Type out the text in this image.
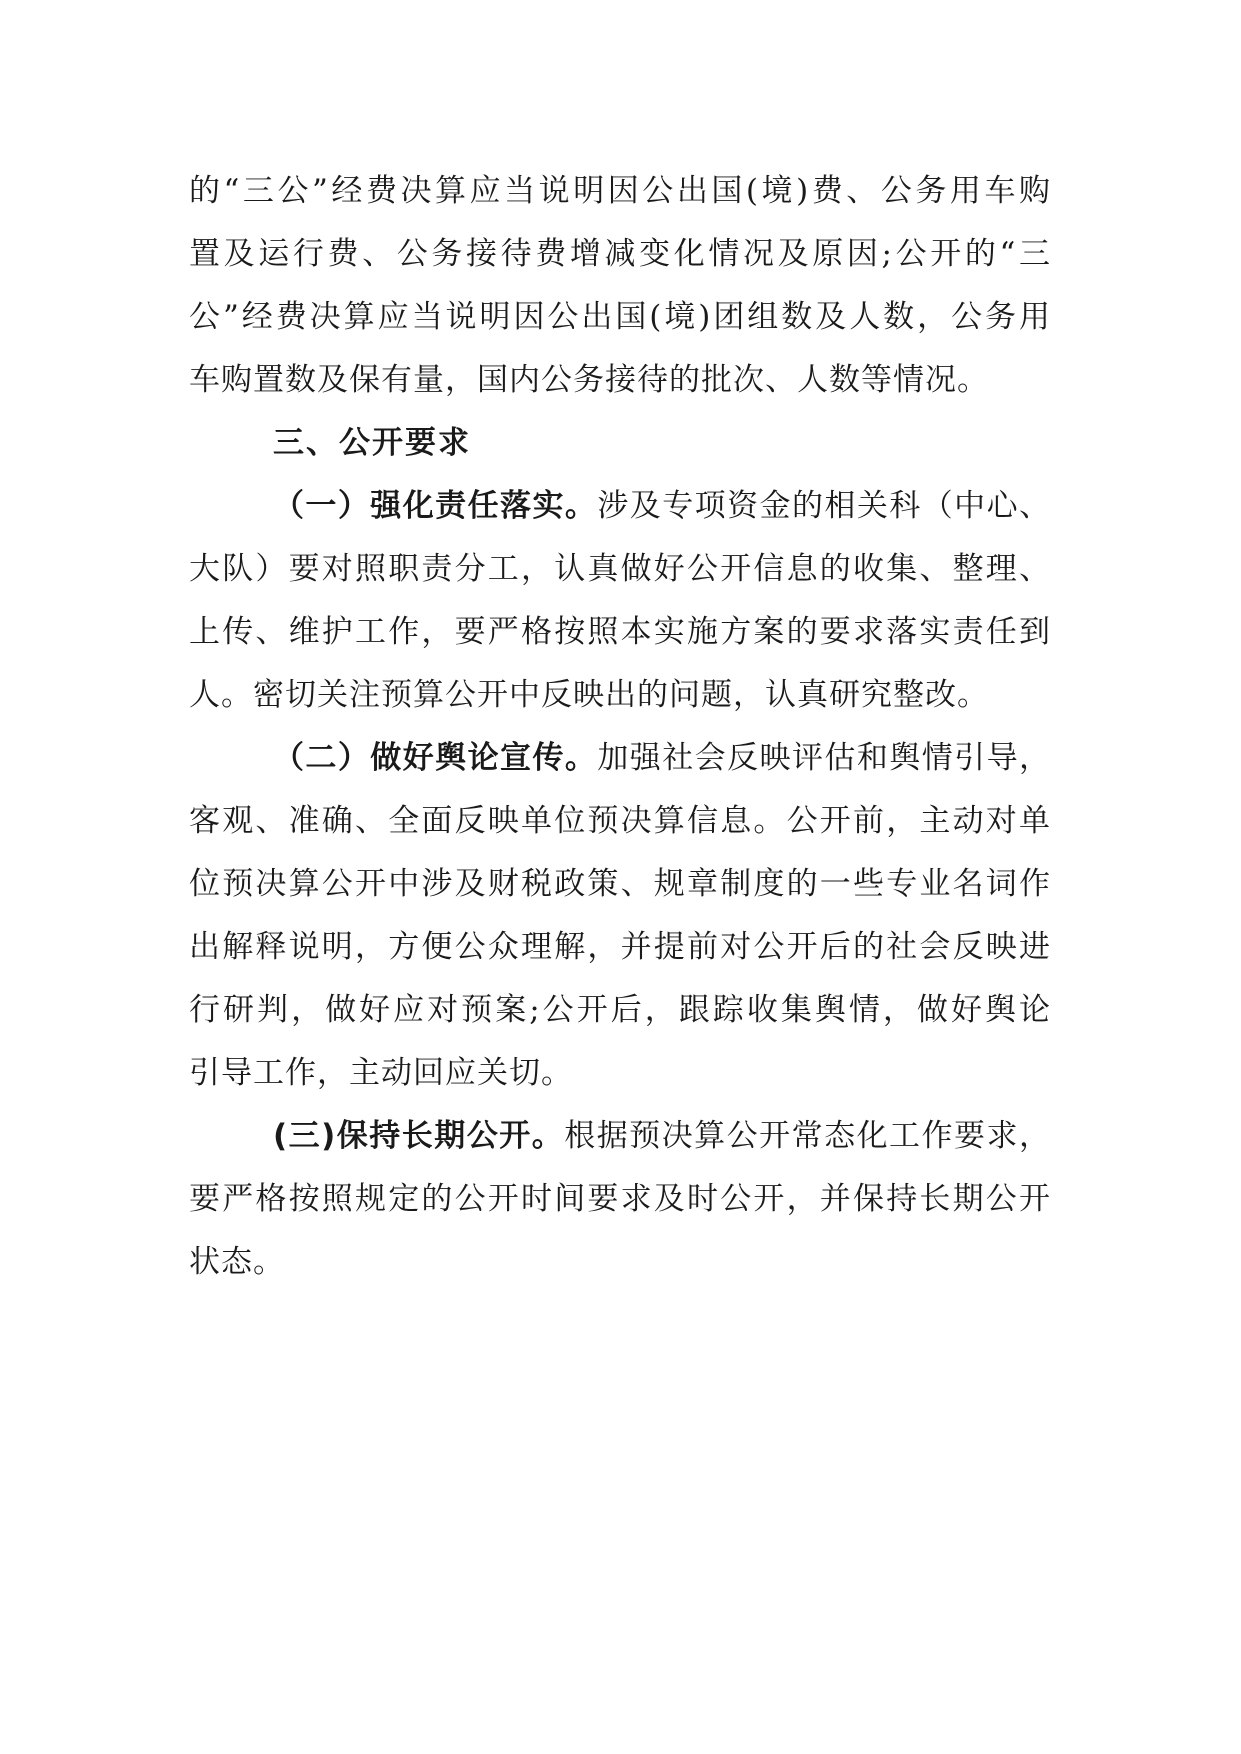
的“三公”经费决算应当说明因公出国(境)费、公务用车购
置及运行费、公务接待费增减变化情况及原因;公开的“三
公”经费决算应当说明因公出国(境)团组数及人数，公务用
车购置数及保有量，国内公务接待的批次、人数等情况。
三、公开要求
（一）强化责任落实。涉及专项资金的相关科（中心、
大队）要对照职责分工，认真做好公开信息的收集、整理、
上传、维护工作，要严格按照本实施方案的要求落实责任到
人。密切关注预算公开中反映出的问题，认真研究整改。
（二）做好舆论宣传。加强社会反映评估和舆情引导，
客观、准确、全面反映单位预决算信息。公开前，主动对单
位预决算公开中涉及财税政策、规章制度的一些专业名词作
出解释说明，方便公众理解，并提前对公开后的社会反映进
行研判，做好应对预案;公开后，跟踪收集舆情，做好舆论
引导工作，主动回应关切。
(三)保持长期公开。根据预决算公开常态化工作要求，
要严格按照规定的公开时间要求及时公开，并保持长期公开
状态。
